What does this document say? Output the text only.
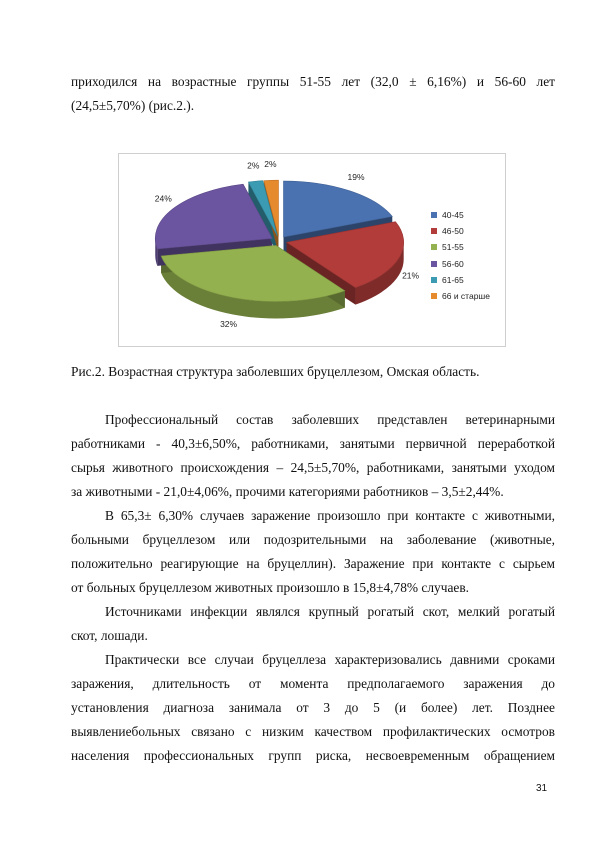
приходился на возрастные группы 51-55 лет (32,0 ± 6,16%) и 56-60 лет

(24,5±5,70%) (рис.2.).

19%
21%
32%
24%
2% 2%
40-45
46-50
51-55
56-60
61-65
66 и старше
Рис.2. Возрастная структура заболевших бруцеллезом, Омская область.

Профессиональный состав заболевших представлен ветеринарными

работниками - 40,3±6,50%, работниками, занятыми первичной переработкой

сырья животного происхождения – 24,5±5,70%, работниками, занятыми уходом

за животными - 21,0±4,06%, прочими категориями работников – 3,5±2,44%.

В 65,3± 6,30% случаев заражение произошло при контакте с животными,

больными бруцеллезом или подозрительными на заболевание (животные,

положительно реагирующие на бруцеллин). Заражение при контакте с сырьем

от больных бруцеллезом животных произошло в 15,8±4,78% случаев.

Источниками инфекции являлся крупный рогатый скот, мелкий рогатый

скот, лошади.

Практически все случаи бруцеллеза характеризовались давними сроками

заражения, длительность от момента предполагаемого заражения до

установления диагноза занимала от 3 до 5 (и более) лет. Позднее

выявлениебольных связано с низким качеством профилактических осмотров

населения профессиональных групп риска, несвоевременным обращением

31
